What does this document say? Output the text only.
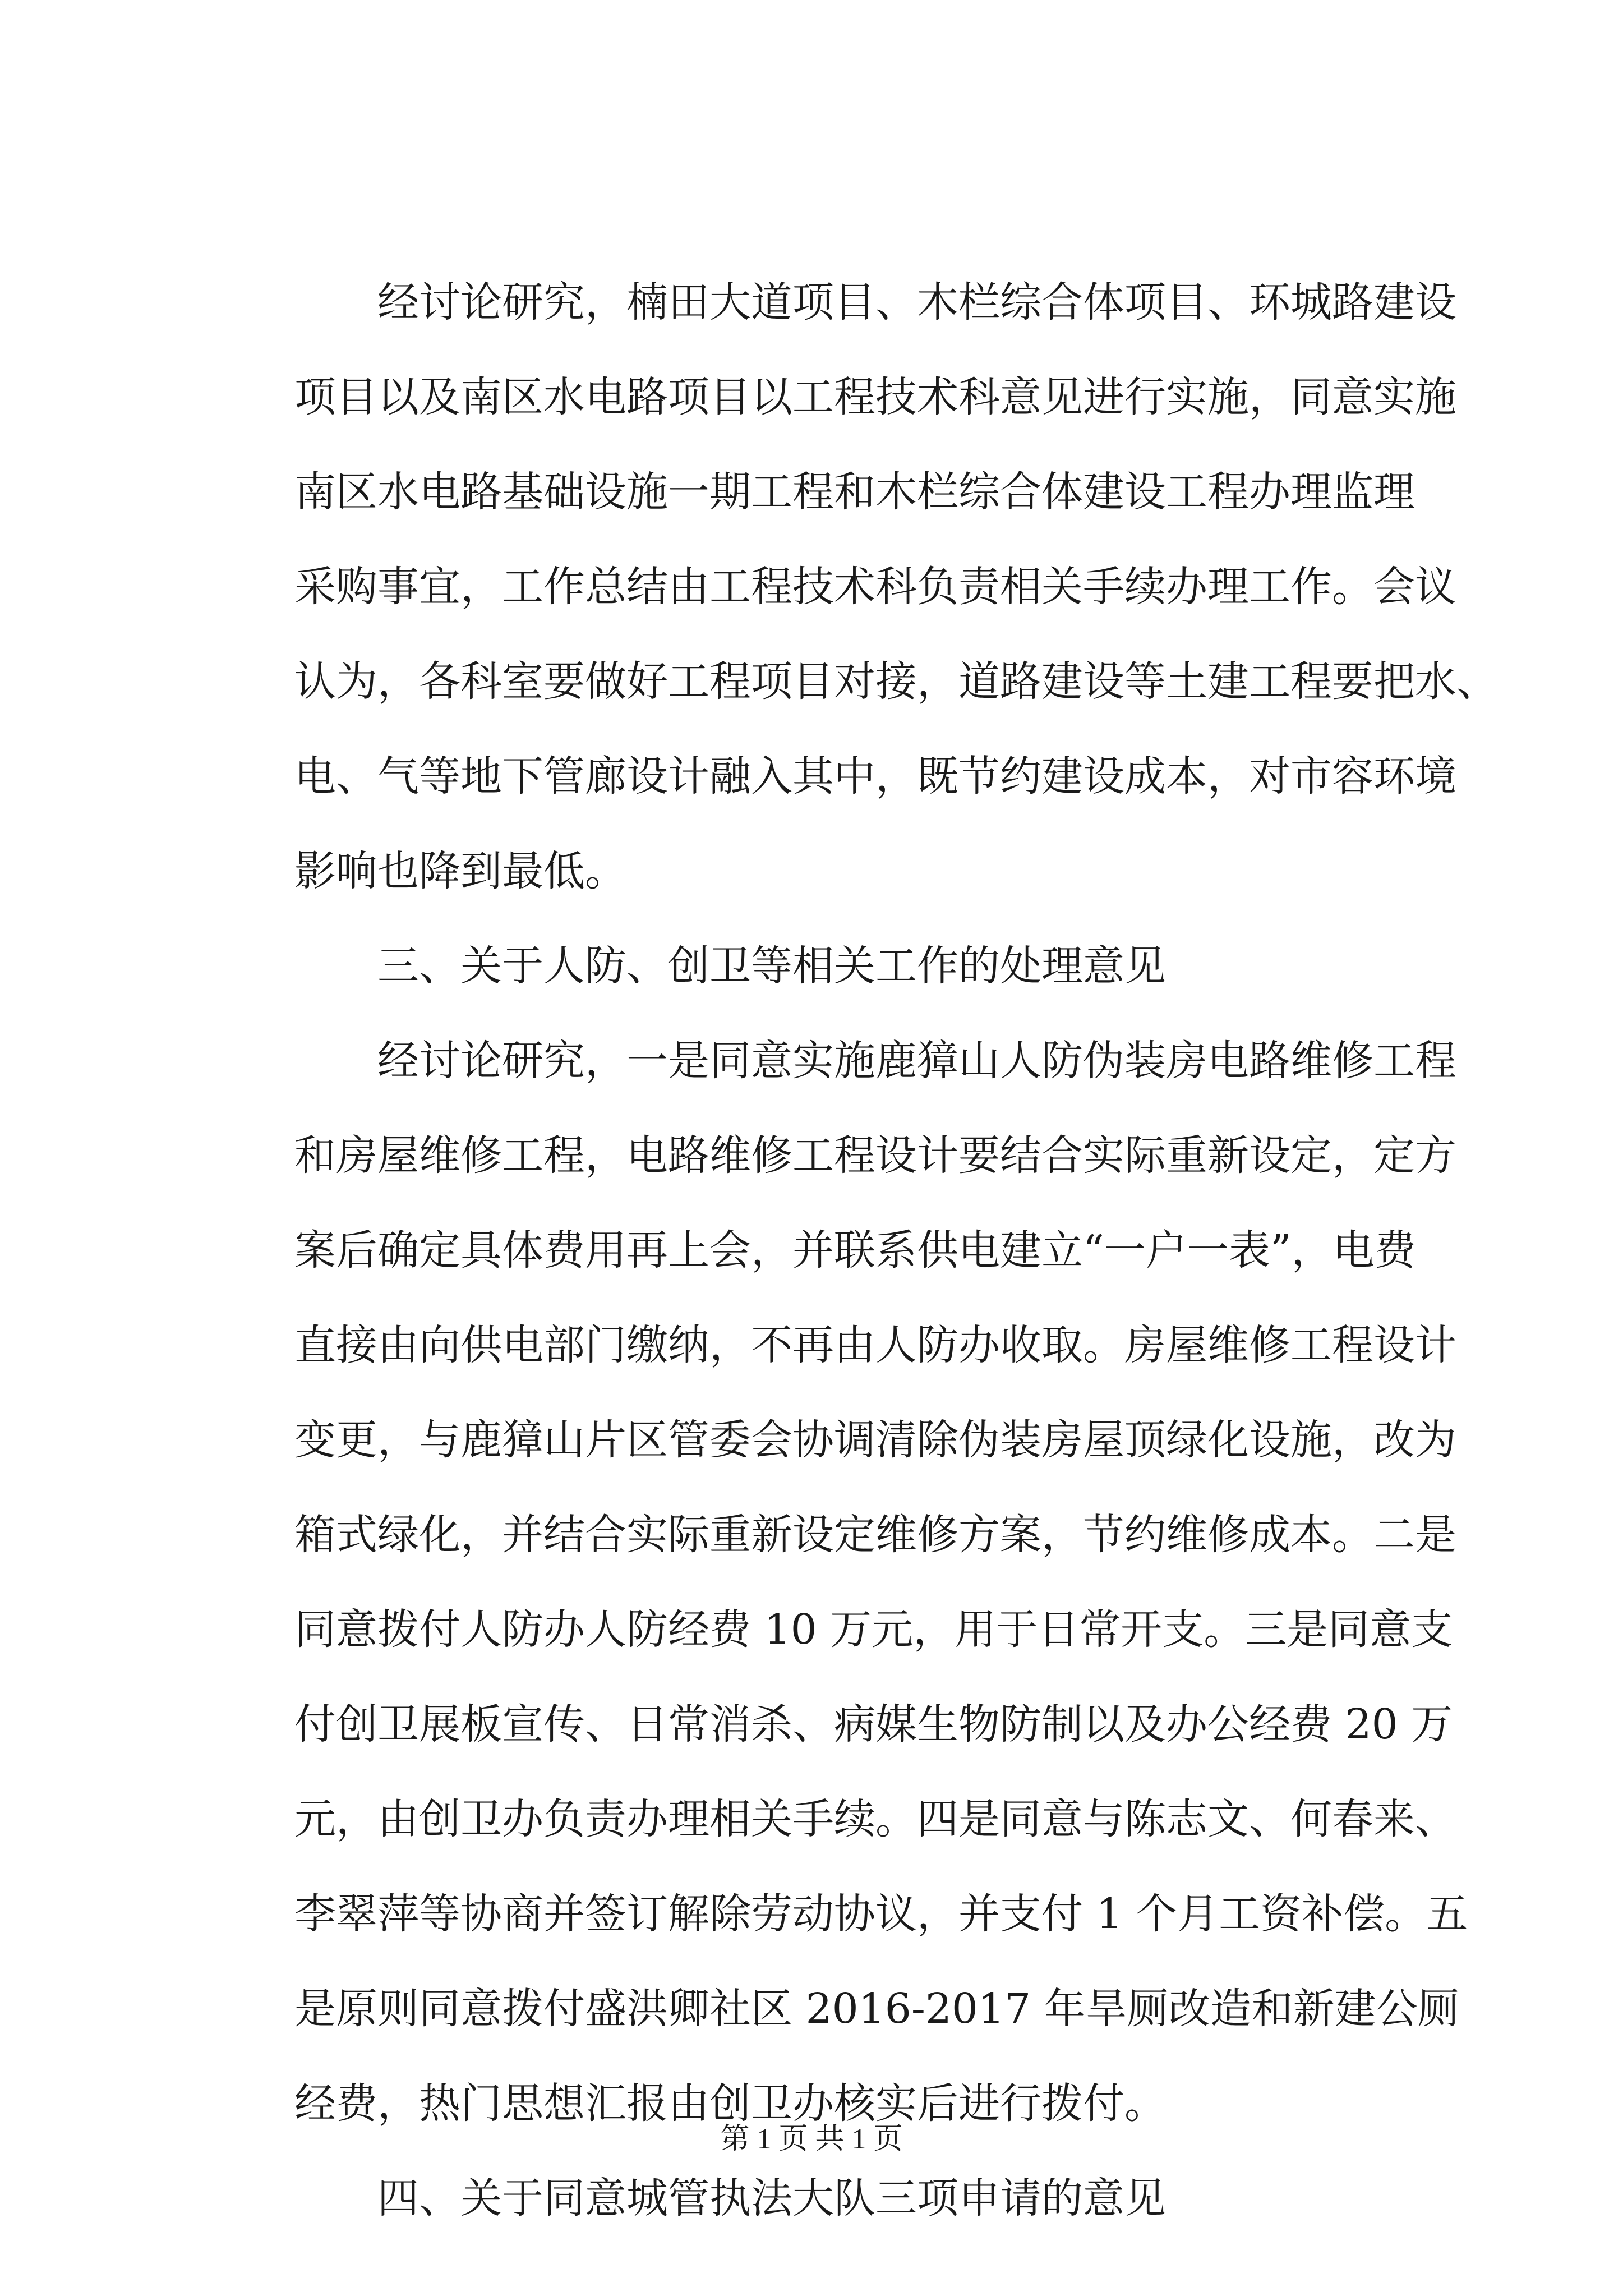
经讨论研究，楠田大道项目、木栏综合体项目、环城路建设
项目以及南区水电路项目以工程技术科意见进行实施，同意实施
南区水电路基础设施一期工程和木栏综合体建设工程办理监理
采购事宜，工作总结由工程技术科负责相关手续办理工作。会议
认为，各科室要做好工程项目对接，道路建设等土建工程要把水、
电、气等地下管廊设计融入其中，既节约建设成本，对市容环境
影响也降到最低。
三、关于人防、创卫等相关工作的处理意见
经讨论研究，一是同意实施鹿獐山人防伪装房电路维修工程
和房屋维修工程，电路维修工程设计要结合实际重新设定，定方
案后确定具体费用再上会，并联系供电建立“一户一表”，电费
直接由向供电部门缴纳，不再由人防办收取。房屋维修工程设计
变更，与鹿獐山片区管委会协调清除伪装房屋顶绿化设施，改为
箱式绿化，并结合实际重新设定维修方案，节约维修成本。二是
同意拨付人防办人防经费 10 万元，用于日常开支。三是同意支
付创卫展板宣传、日常消杀、病媒生物防制以及办公经费 20 万
元，由创卫办负责办理相关手续。四是同意与陈志文、何春来、
李翠萍等协商并签订解除劳动协议，并支付 1 个月工资补偿。五
是原则同意拨付盛洪卿社区 2016-2017 年旱厕改造和新建公厕
经费，热门思想汇报由创卫办核实后进行拨付。
四、关于同意城管执法大队三项申请的意见
第 1 页 共 1 页
